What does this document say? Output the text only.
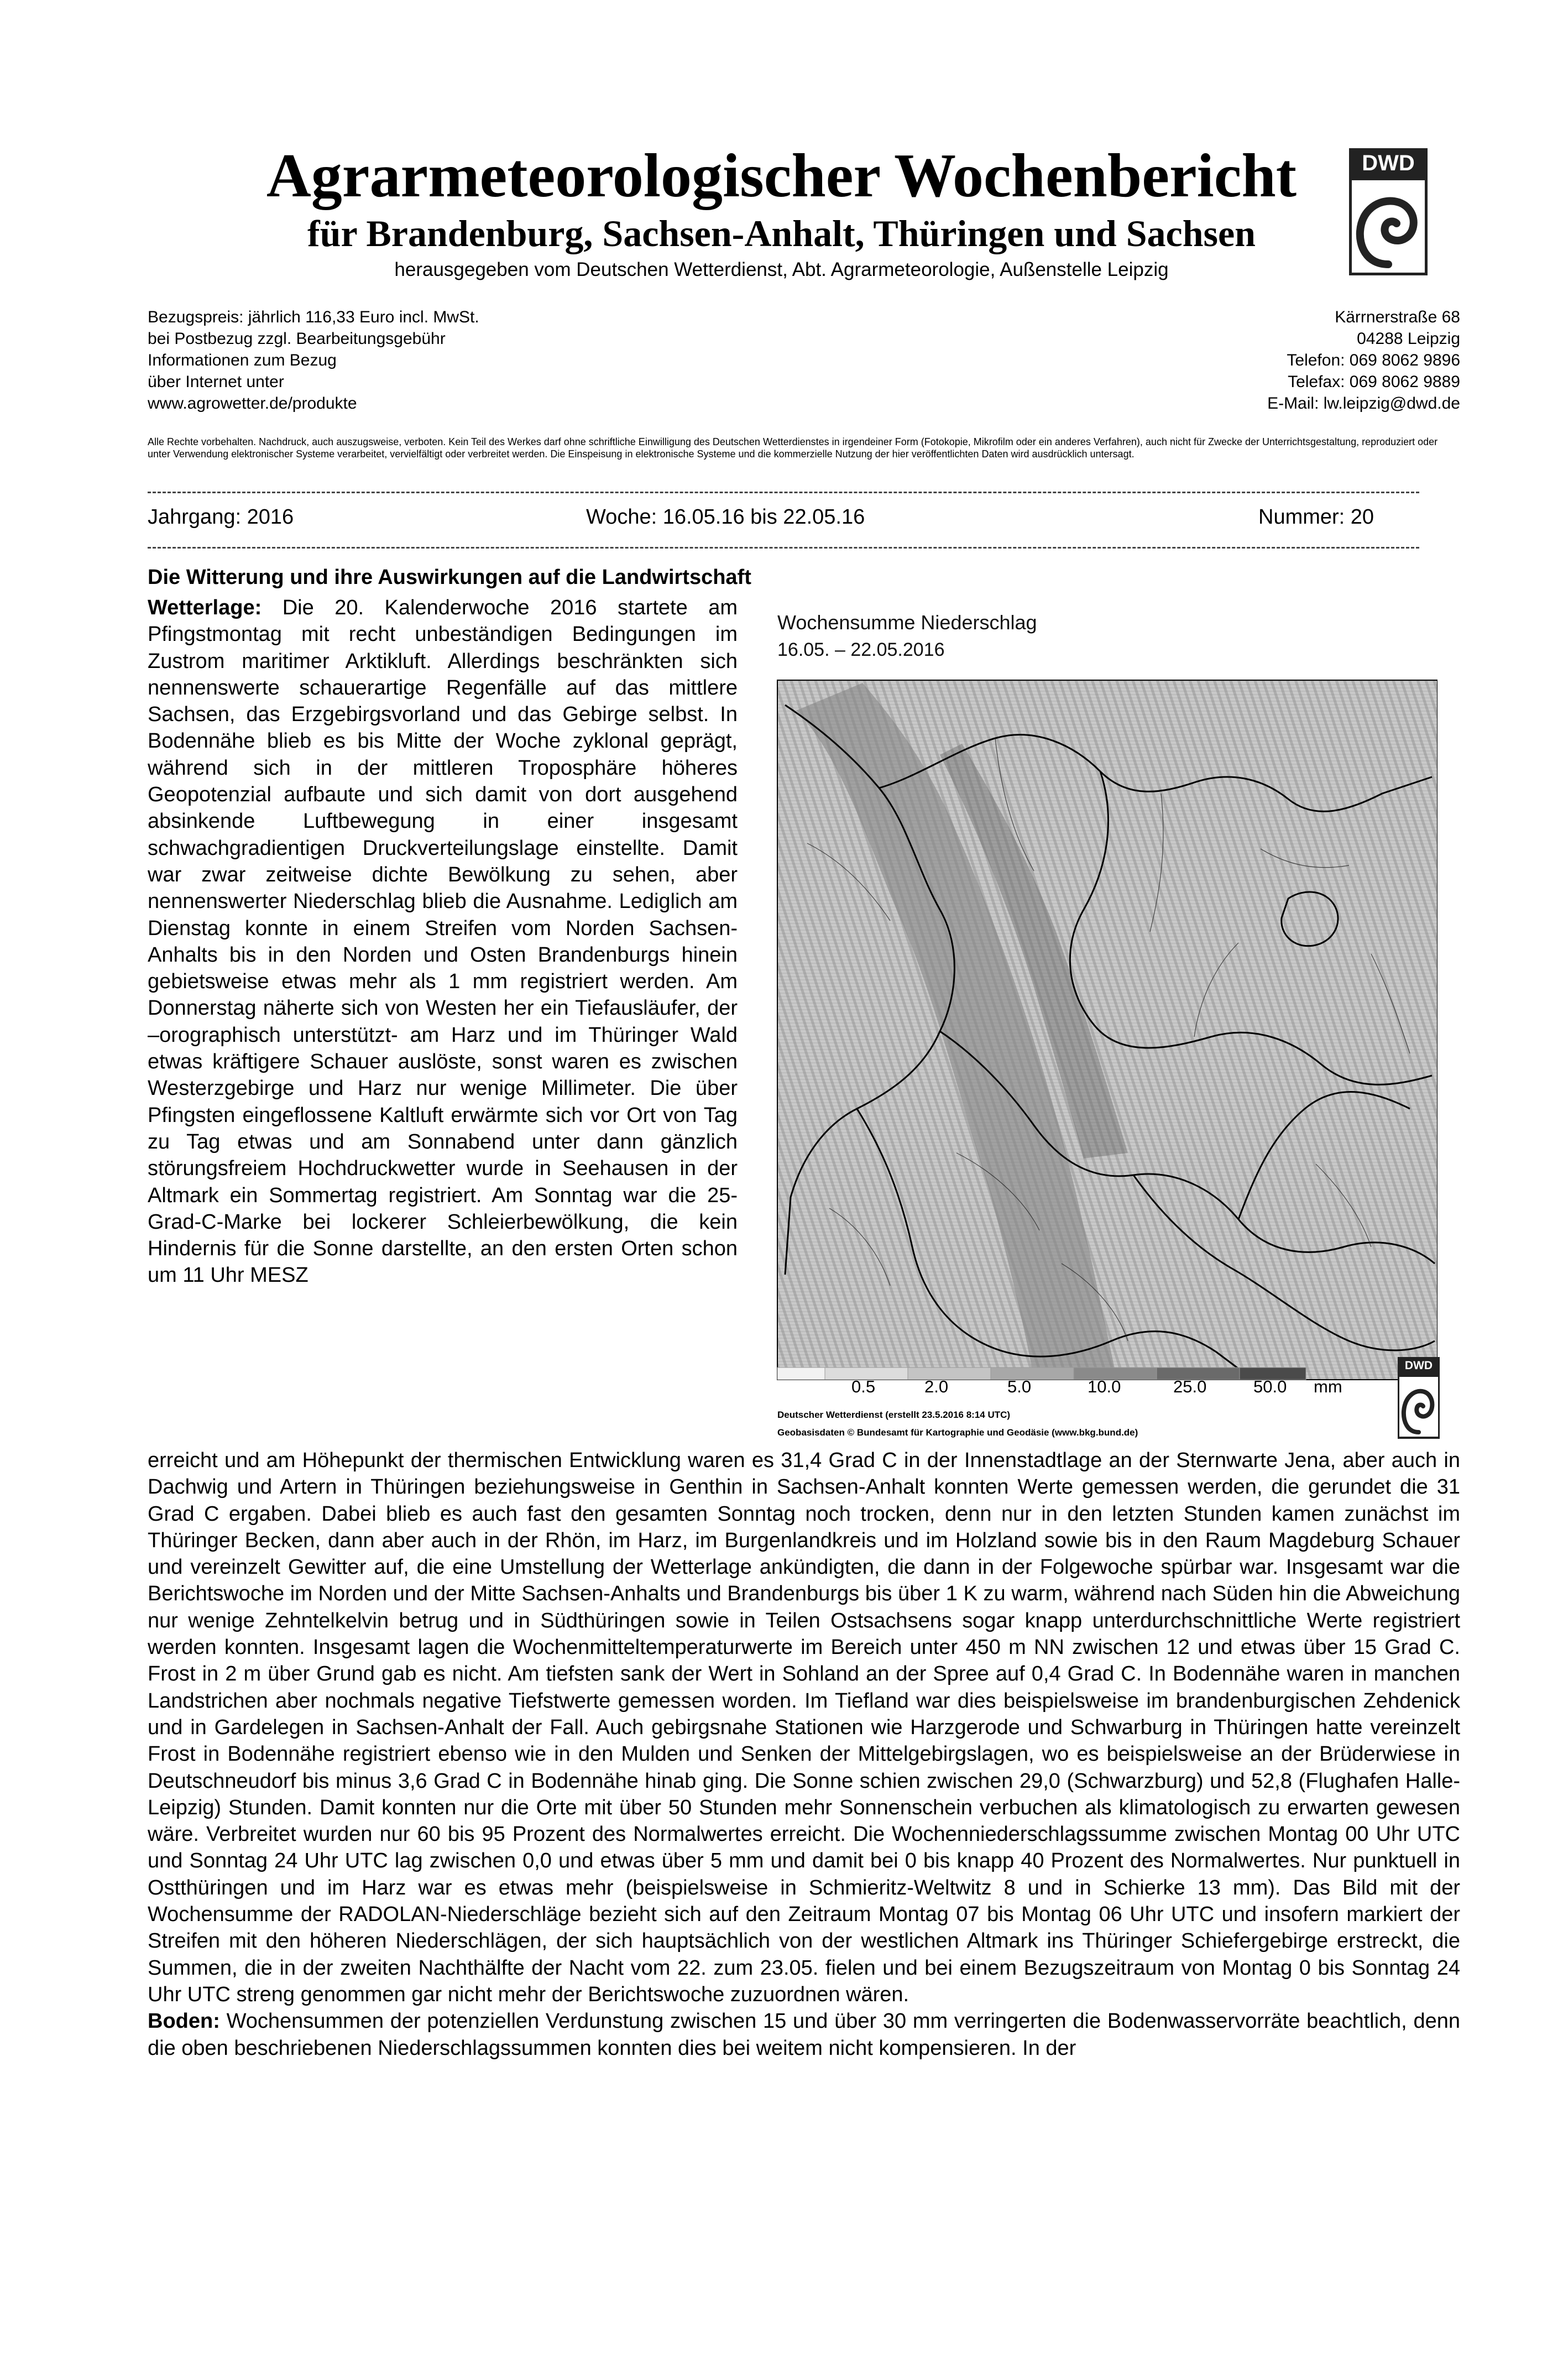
Agrarmeteorologischer Wochenbericht
für Brandenburg, Sachsen-Anhalt, Thüringen und Sachsen
herausgegeben vom Deutschen Wetterdienst, Abt. Agrarmeteorologie, Außenstelle Leipzig
DWD
Bezugspreis: jährlich 116,33 Euro incl. MwSt.
bei Postbezug zzgl. Bearbeitungsgebühr
Informationen zum Bezug
über Internet unter
www.agrowetter.de/produkte
Kärrnerstraße 68
04288 Leipzig
Telefon: 069 8062 9896
Telefax: 069 8062 9889
E-Mail: lw.leipzig@dwd.de
Alle Rechte vorbehalten. Nachdruck, auch auszugsweise, verboten. Kein Teil des Werkes darf ohne schriftliche Einwilligung des Deutschen Wetterdienstes in irgendeiner Form (Fotokopie, Mikrofilm oder ein anderes Verfahren), auch nicht für Zwecke der Unterrichtsgestaltung, reproduziert oder unter Verwendung elektronischer Systeme verarbeitet, vervielfältigt oder verbreitet werden. Die Einspeisung in elektronische Systeme und die kommerzielle Nutzung der hier veröffentlichten Daten wird ausdrücklich untersagt.
Jahrgang: 2016	Woche: 16.05.16 bis 22.05.16	Nummer: 20
Die Witterung und ihre Auswirkungen auf die Landwirtschaft
Wetterlage: Die 20. Kalenderwoche 2016 startete am Pfingstmontag mit recht unbeständigen Bedingungen im Zustrom maritimer Arktikluft. Allerdings beschränkten sich nennenswerte schauerartige Regenfälle auf das mittlere Sachsen, das Erzgebirgsvorland und das Gebirge selbst. In Bodennähe blieb es bis Mitte der Woche zyklonal geprägt, während sich in der mittleren Troposphäre höheres Geopotenzial aufbaute und sich damit von dort ausgehend absinkende Luftbewegung in einer insgesamt schwachgradientigen Druckverteilungslage einstellte. Damit war zwar zeitweise dichte Bewölkung zu sehen, aber nennenswerter Niederschlag blieb die Ausnahme. Lediglich am Dienstag konnte in einem Streifen vom Norden Sachsen-Anhalts bis in den Norden und Osten Brandenburgs hinein gebietsweise etwas mehr als 1 mm registriert werden. Am Donnerstag näherte sich von Westen her ein Tiefausläufer, der –orographisch unterstützt- am Harz und im Thüringer Wald etwas kräftigere Schauer auslöste, sonst waren es zwischen Westerzgebirge und Harz nur wenige Millimeter. Die über Pfingsten eingeflossene Kaltluft erwärmte sich vor Ort von Tag zu Tag etwas und am Sonnabend unter dann gänzlich störungsfreiem Hochdruckwetter wurde in Seehausen in der Altmark ein Sommertag registriert. Am Sonntag war die 25-Grad-C-Marke bei lockerer Schleierbewölkung, die kein Hindernis für die Sonne darstellte, an den ersten Orten schon um 11 Uhr MESZ
Wochensumme Niederschlag
16.05. – 22.05.2016
0.5	2.0	5.0	10.0	25.0	50.0 mm
Deutscher Wetterdienst (erstellt 23.5.2016 8:14 UTC)
Geobasisdaten © Bundesamt für Kartographie und Geodäsie (www.bkg.bund.de)
DWD
erreicht und am Höhepunkt der thermischen Entwicklung waren es 31,4 Grad C in der Innenstadtlage an der Sternwarte Jena, aber auch in Dachwig und Artern in Thüringen beziehungsweise in Genthin in Sachsen-Anhalt konnten Werte gemessen werden, die gerundet die 31 Grad C ergaben. Dabei blieb es auch fast den gesamten Sonntag noch trocken, denn nur in den letzten Stunden kamen zunächst im Thüringer Becken, dann aber auch in der Rhön, im Harz, im Burgenlandkreis und im Holzland sowie bis in den Raum Magdeburg Schauer und vereinzelt Gewitter auf, die eine Umstellung der Wetterlage ankündigten, die dann in der Folgewoche spürbar war. Insgesamt war die Berichtswoche im Norden und der Mitte Sachsen-Anhalts und Brandenburgs bis über 1 K zu warm, während nach Süden hin die Abweichung nur wenige Zehntelkelvin betrug und in Südthüringen sowie in Teilen Ostsachsens sogar knapp unterdurchschnittliche Werte registriert werden konnten. Insgesamt lagen die Wochenmitteltemperaturwerte im Bereich unter 450 m NN zwischen 12 und etwas über 15 Grad C. Frost in 2 m über Grund gab es nicht. Am tiefsten sank der Wert in Sohland an der Spree auf 0,4 Grad C. In Bodennähe waren in manchen Landstrichen aber nochmals negative Tiefstwerte gemessen worden. Im Tiefland war dies beispielsweise im brandenburgischen Zehdenick und in Gardelegen in Sachsen-Anhalt der Fall. Auch gebirgsnahe Stationen wie Harzgerode und Schwarburg in Thüringen hatte vereinzelt Frost in Bodennähe registriert ebenso wie in den Mulden und Senken der Mittelgebirgslagen, wo es beispielsweise an der Brüderwiese in Deutschneudorf bis minus 3,6 Grad C in Bodennähe hinab ging. Die Sonne schien zwischen 29,0 (Schwarzburg) und 52,8 (Flughafen Halle-Leipzig) Stunden. Damit konnten nur die Orte mit über 50 Stunden mehr Sonnenschein verbuchen als klimatologisch zu erwarten gewesen wäre. Verbreitet wurden nur 60 bis 95 Prozent des Normalwertes erreicht. Die Wochenniederschlagssumme zwischen Montag 00 Uhr UTC und Sonntag 24 Uhr UTC lag zwischen 0,0 und etwas über 5 mm und damit bei 0 bis knapp 40 Prozent des Normalwertes. Nur punktuell in Ostthüringen und im Harz war es etwas mehr (beispielsweise in Schmieritz-Weltwitz 8 und in Schierke 13 mm). Das Bild mit der Wochensumme der RADOLAN-Niederschläge bezieht sich auf den Zeitraum Montag 07 bis Montag 06 Uhr UTC und insofern markiert der Streifen mit den höheren Niederschlägen, der sich hauptsächlich von der westlichen Altmark ins Thüringer Schiefergebirge erstreckt, die Summen, die in der zweiten Nachthälfte der Nacht vom 22. zum 23.05. fielen und bei einem Bezugszeitraum von Montag 0 bis Sonntag 24 Uhr UTC streng genommen gar nicht mehr der Berichtswoche zuzuordnen wären.
Boden: Wochensummen der potenziellen Verdunstung zwischen 15 und über 30 mm verringerten die Bodenwasservorräte beachtlich, denn die oben beschriebenen Niederschlagssummen konnten dies bei weitem nicht kompensieren. In der
